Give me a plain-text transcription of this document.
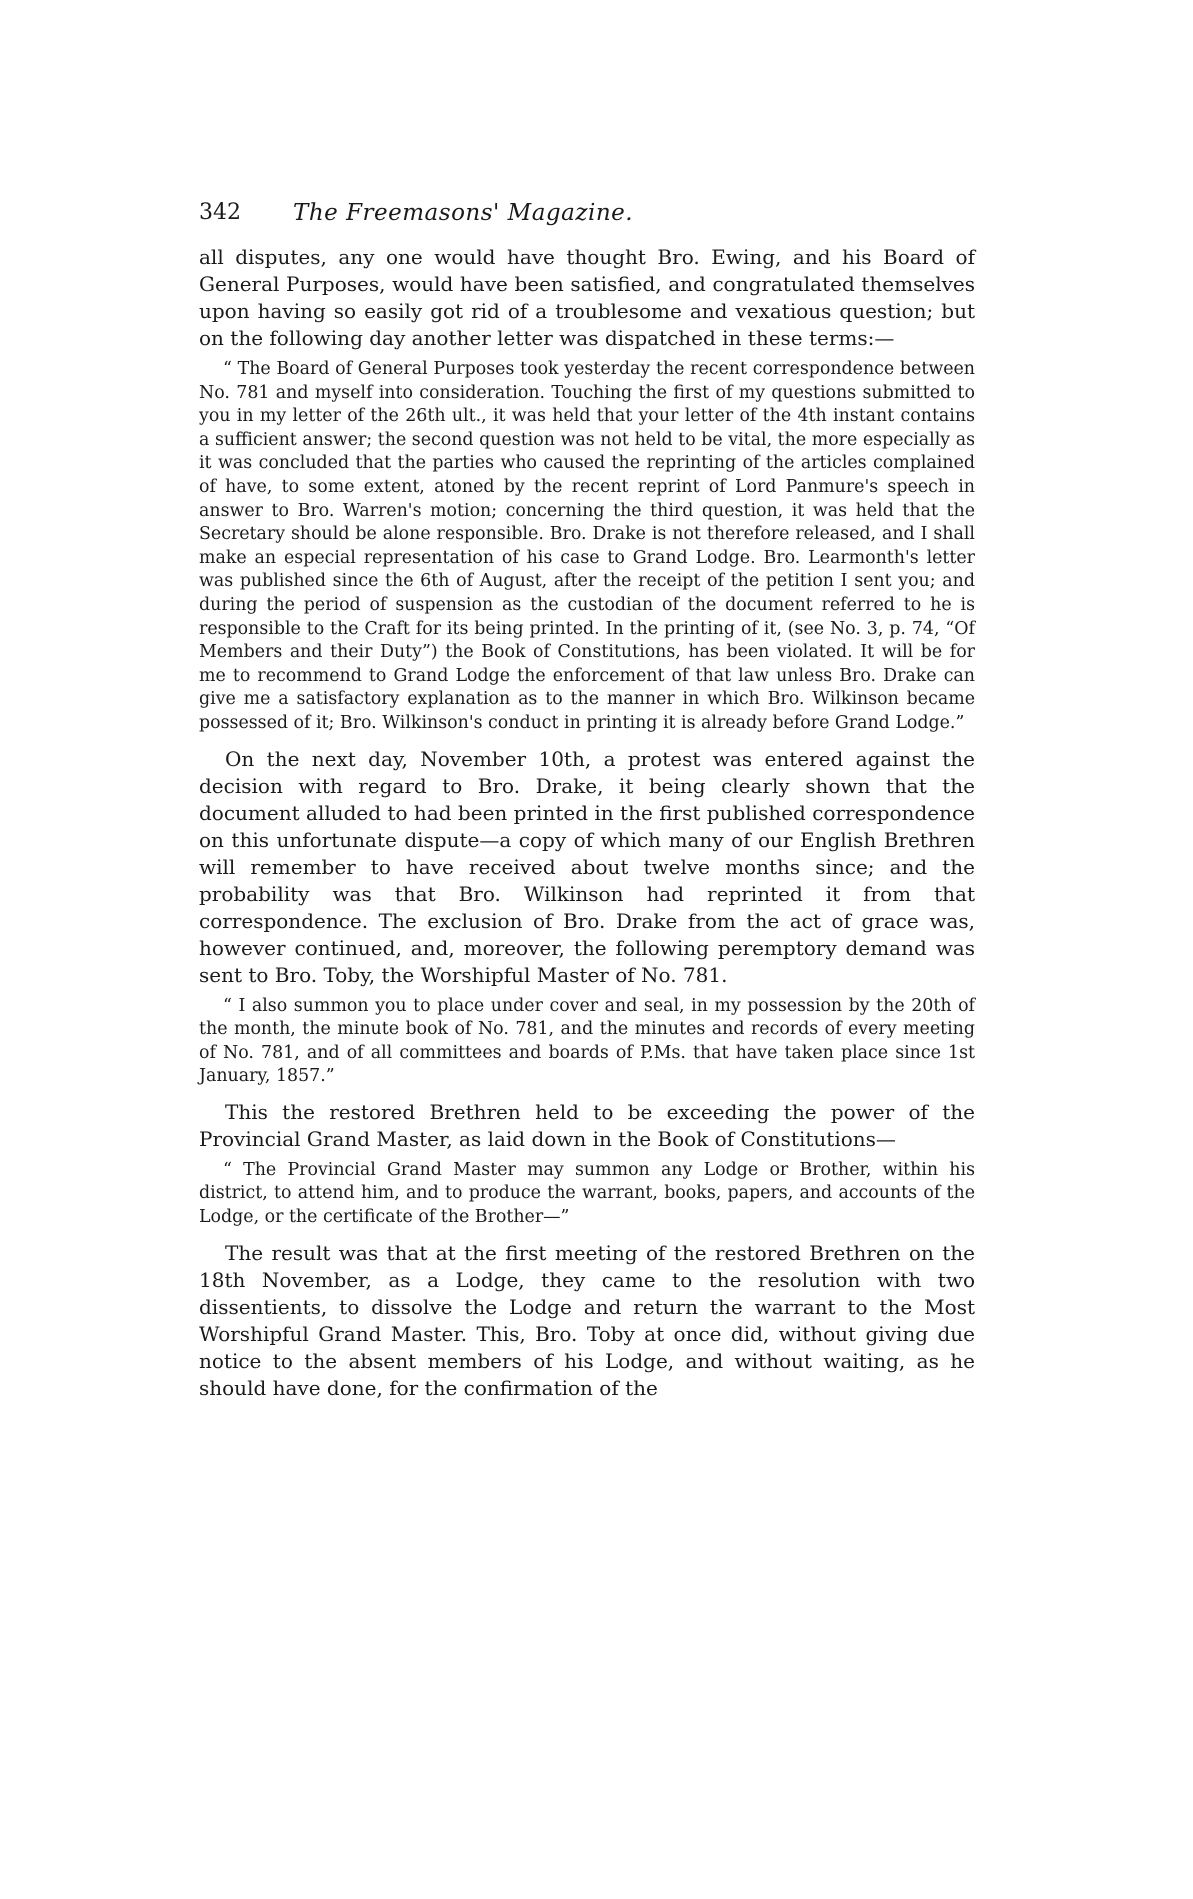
342 The Freemasons' Magazine.

all disputes, any one would have thought Bro. Ewing, and his Board of General Purposes, would have been satisfied, and congratulated themselves upon having so easily got rid of a troublesome and vexatious question; but on the following day another letter was dispatched in these terms:—

“ The Board of General Purposes took yesterday the recent correspondence between No. 781 and myself into consideration. Touching the first of my questions submitted to you in my letter of the 26th ult., it was held that your letter of the 4th instant contains a sufficient answer; the second question was not held to be vital, the more especially as it was concluded that the parties who caused the reprinting of the articles complained of have, to some extent, atoned by the recent reprint of Lord Panmure's speech in answer to Bro. Warren's motion; concerning the third question, it was held that the Secretary should be alone responsible. Bro. Drake is not therefore released, and I shall make an especial representation of his case to Grand Lodge. Bro. Learmonth's letter was published since the 6th of August, after the receipt of the petition I sent you; and during the period of suspension as the custodian of the document referred to he is responsible to the Craft for its being printed. In the printing of it, (see No. 3, p. 74, “Of Members and their Duty”) the Book of Constitutions, has been violated. It will be for me to recommend to Grand Lodge the enforcement of that law unless Bro. Drake can give me a satisfactory explanation as to the manner in which Bro. Wilkinson became possessed of it; Bro. Wilkinson's conduct in printing it is already before Grand Lodge.”

On the next day, November 10th, a protest was entered against the decision with regard to Bro. Drake, it being clearly shown that the document alluded to had been printed in the first published correspondence on this unfortunate dispute—a copy of which many of our English Brethren will remember to have received about twelve months since; and the probability was that Bro. Wilkinson had reprinted it from that correspondence. The exclusion of Bro. Drake from the act of grace was, however continued, and, moreover, the following peremptory demand was sent to Bro. Toby, the Worshipful Master of No. 781.

“ I also summon you to place under cover and seal, in my possession by the 20th of the month, the minute book of No. 781, and the minutes and records of every meeting of No. 781, and of all committees and boards of P.Ms. that have taken place since 1st January, 1857.”

This the restored Brethren held to be exceeding the power of the Provincial Grand Master, as laid down in the Book of Constitutions—

“ The Provincial Grand Master may summon any Lodge or Brother, within his district, to attend him, and to produce the warrant, books, papers, and accounts of the Lodge, or the certificate of the Brother—”

The result was that at the first meeting of the restored Brethren on the 18th November, as a Lodge, they came to the resolution with two dissentients, to dissolve the Lodge and return the warrant to the Most Worshipful Grand Master. This, Bro. Toby at once did, without giving due notice to the absent members of his Lodge, and without waiting, as he should have done, for the confirmation of the
